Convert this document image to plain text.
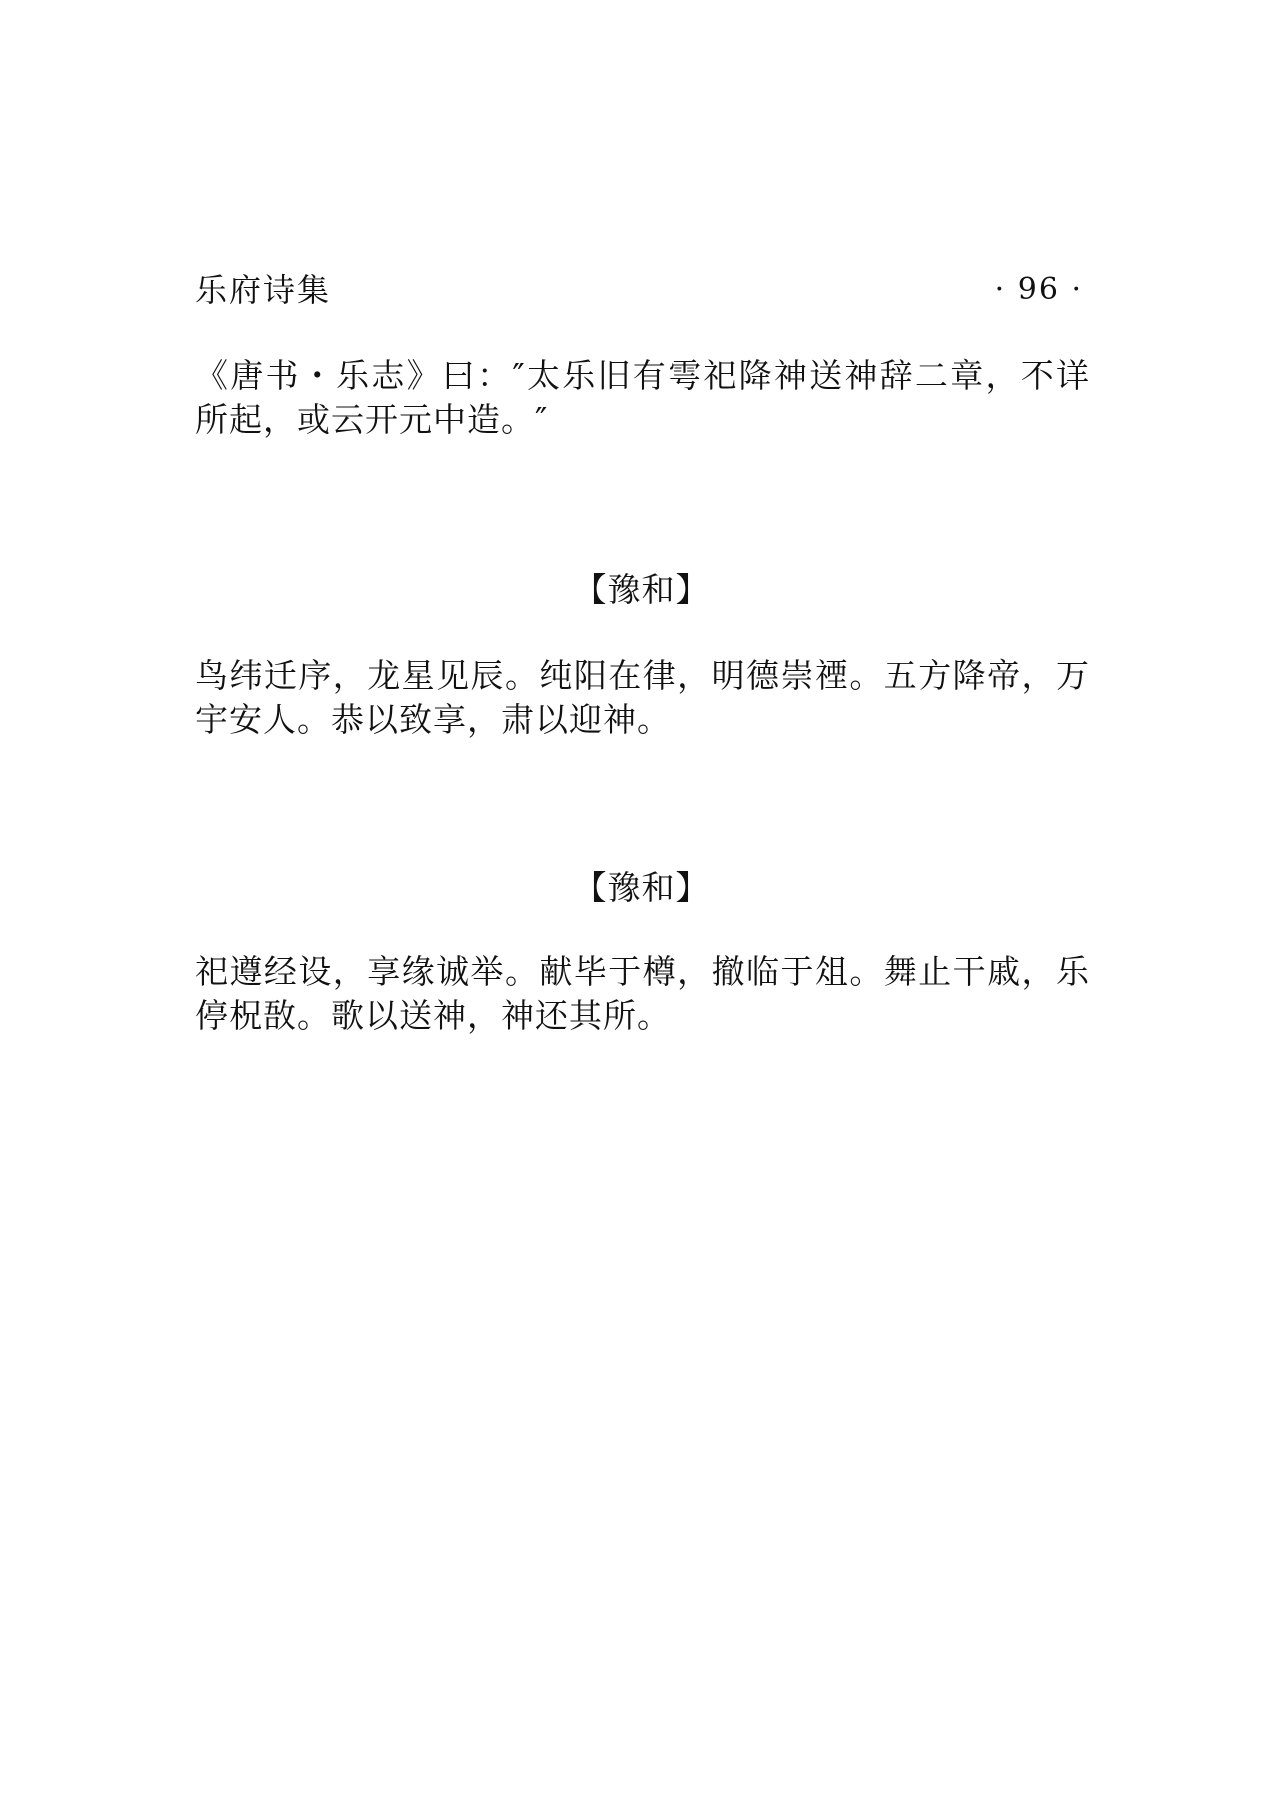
乐府诗集	· 96 ·
《唐书・乐志》曰：″太乐旧有雩祀降神送神辞二章，不详所起，或云开元中造。″
【豫和】
鸟纬迁序，龙星见辰。纯阳在律，明德崇禋。五方降帝，万宇安人。恭以致享，肃以迎神。
【豫和】
祀遵经设，享缘诚举。献毕于樽，撤临于俎。舞止干戚，乐停柷敔。歌以送神，神还其所。
